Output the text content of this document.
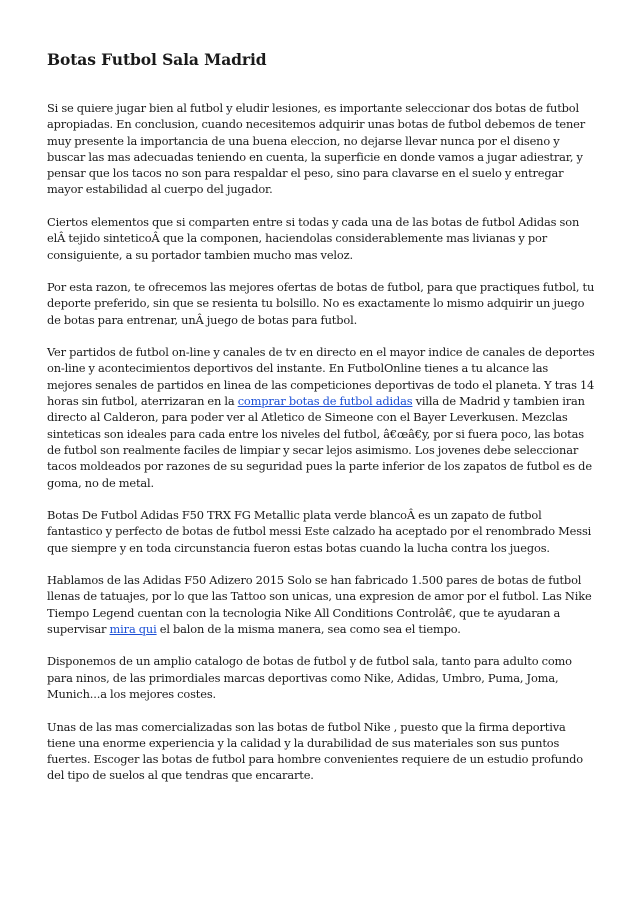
Botas Futbol Sala Madrid

Si se quiere jugar bien al futbol y eludir lesiones, es importante seleccionar dos botas de futbol apropiadas. En conclusion, cuando necesitemos adquirir unas botas de futbol debemos de tener muy presente la importancia de una buena eleccion, no dejarse llevar nunca por el diseno y buscar las mas adecuadas teniendo en cuenta, la superficie en donde vamos a jugar adiestrar, y pensar que los tacos no son para respaldar el peso, sino para clavarse en el suelo y entregar mayor estabilidad al cuerpo del jugador.

Ciertos elementos que si comparten entre si todas y cada una de las botas de futbol Adidas son elÂ tejido sinteticoÂ que la componen, haciendolas considerablemente mas livianas y por consiguiente, a su portador tambien mucho mas veloz.

Por esta razon, te ofrecemos las mejores ofertas de botas de futbol, para que practiques futbol, tu deporte preferido, sin que se resienta tu bolsillo. No es exactamente lo mismo adquirir un juego de botas para entrenar, unÂ juego de botas para futbol.

Ver partidos de futbol on-line y canales de tv en directo en el mayor indice de canales de deportes on-line y acontecimientos deportivos del instante. En FutbolOnline tienes a tu alcance las mejores senales de partidos en linea de las competiciones deportivas de todo el planeta. Y tras 14 horas sin futbol, aterrizaran en la comprar botas de futbol adidas villa de Madrid y tambien iran directo al Calderon, para poder ver al Atletico de Simeone con el Bayer Leverkusen. Mezclas sinteticas son ideales para cada entre los niveles del futbol, â€œâ€y, por si fuera poco, las botas de futbol son realmente faciles de limpiar y secar lejos asimismo. Los jovenes debe seleccionar tacos moldeados por razones de su seguridad pues la parte inferior de los zapatos de futbol es de goma, no de metal.

Botas De Futbol Adidas F50 TRX FG Metallic plata verde blancoÂ es un zapato de futbol fantastico y perfecto de botas de futbol messi Este calzado ha aceptado por el renombrado Messi que siempre y en toda circunstancia fueron estas botas cuando la lucha contra los juegos.

Hablamos de las Adidas F50 Adizero 2015 Solo se han fabricado 1.500 pares de botas de futbol llenas de tatuajes, por lo que las Tattoo son unicas, una expresion de amor por el futbol. Las Nike Tiempo Legend cuentan con la tecnologia Nike All Conditions Controlâ€, que te ayudaran a supervisar mira qui el balon de la misma manera, sea como sea el tiempo.

Disponemos de un amplio catalogo de botas de futbol y de futbol sala, tanto para adulto como para ninos, de las primordiales marcas deportivas como Nike, Adidas, Umbro, Puma, Joma, Munich...a los mejores costes.

Unas de las mas comercializadas son las botas de futbol Nike , puesto que la firma deportiva tiene una enorme experiencia y la calidad y la durabilidad de sus materiales son sus puntos fuertes. Escoger las botas de futbol para hombre convenientes requiere de un estudio profundo del tipo de suelos al que tendras que encararte.
